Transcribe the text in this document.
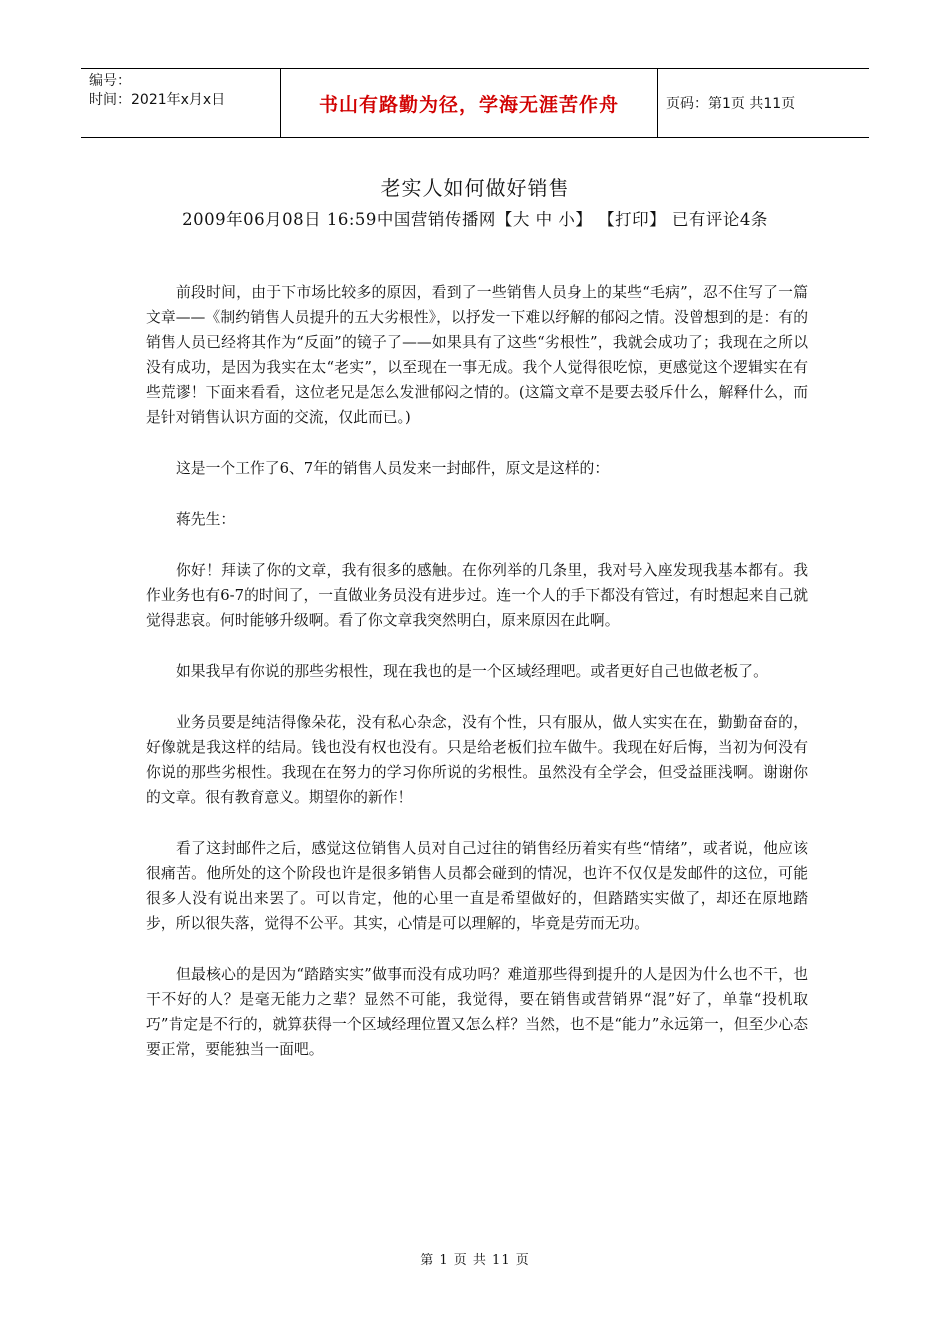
编号：
时间：2021年x月x日	书山有路勤为径，学海无涯苦作舟	页码：第1页 共11页
老实人如何做好销售
2009年06月08日 16:59中国营销传播网【大 中 小】 【打印】 已有评论4条

前段时间，由于下市场比较多的原因，看到了一些销售人员身上的某些“毛病”，忍不住写了一篇文章——《制约销售人员提升的五大劣根性》，以抒发一下难以纾解的郁闷之情。没曾想到的是：有的销售人员已经将其作为“反面”的镜子了——如果具有了这些“劣根性”，我就会成功了；我现在之所以没有成功，是因为我实在太“老实”，以至现在一事无成。我个人觉得很吃惊，更感觉这个逻辑实在有些荒谬！下面来看看，这位老兄是怎么发泄郁闷之情的。(这篇文章不是要去驳斥什么，解释什么，而是针对销售认识方面的交流，仅此而已。)

这是一个工作了6、7年的销售人员发来一封邮件，原文是这样的：

蒋先生：

你好！拜读了你的文章，我有很多的感触。在你列举的几条里，我对号入座发现我基本都有。我作业务也有6-7的时间了，一直做业务员没有进步过。连一个人的手下都没有管过，有时想起来自己就觉得悲哀。何时能够升级啊。看了你文章我突然明白，原来原因在此啊。

如果我早有你说的那些劣根性，现在我也的是一个区域经理吧。或者更好自己也做老板了。

业务员要是纯洁得像朵花，没有私心杂念，没有个性，只有服从，做人实实在在，勤勤奋奋的，好像就是我这样的结局。钱也没有权也没有。只是给老板们拉车做牛。我现在好后悔，当初为何没有你说的那些劣根性。我现在在努力的学习你所说的劣根性。虽然没有全学会，但受益匪浅啊。谢谢你的文章。很有教育意义。期望你的新作！

看了这封邮件之后，感觉这位销售人员对自己过往的销售经历着实有些“情绪”，或者说，他应该很痛苦。他所处的这个阶段也许是很多销售人员都会碰到的情况，也许不仅仅是发邮件的这位，可能很多人没有说出来罢了。可以肯定，他的心里一直是希望做好的，但踏踏实实做了，却还在原地踏步，所以很失落，觉得不公平。其实，心情是可以理解的，毕竟是劳而无功。

但最核心的是因为“踏踏实实”做事而没有成功吗？难道那些得到提升的人是因为什么也不干，也干不好的人？是毫无能力之辈？显然不可能，我觉得，要在销售或营销界“混”好了，单靠“投机取巧”肯定是不行的，就算获得一个区域经理位置又怎么样？当然，也不是“能力”永远第一，但至少心态要正常，要能独当一面吧。

第 1 页 共 11 页
